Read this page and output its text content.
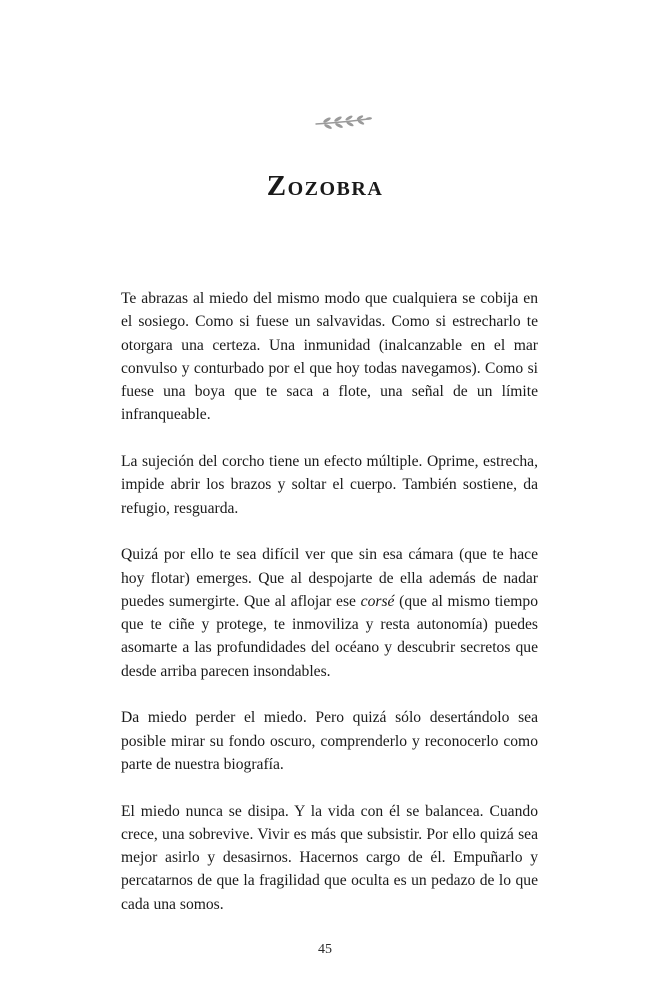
Zozobra

Te abrazas al miedo del mismo modo que cualquiera se cobija en el sosiego. Como si fuese un salvavidas. Como si estrecharlo te otorgara una certeza. Una inmunidad (inalcanzable en el mar convulso y conturbado por el que hoy todas navegamos). Como si fuese una boya que te saca a flote, una señal de un límite infranqueable.

La sujeción del corcho tiene un efecto múltiple. Oprime, estrecha, impide abrir los brazos y soltar el cuerpo. También sostiene, da refugio, resguarda.

Quizá por ello te sea difícil ver que sin esa cámara (que te hace hoy flotar) emerges. Que al despojarte de ella además de nadar puedes sumergirte. Que al aflojar ese corsé (que al mismo tiempo que te ciñe y protege, te inmoviliza y resta autonomía) puedes asomarte a las profundidades del océano y descubrir secretos que desde arriba parecen insondables.

Da miedo perder el miedo. Pero quizá sólo desertándolo sea posible mirar su fondo oscuro, comprenderlo y reconocerlo como parte de nuestra biografía.

El miedo nunca se disipa. Y la vida con él se balancea. Cuando crece, una sobrevive. Vivir es más que subsistir. Por ello quizá sea mejor asirlo y desasirnos. Hacernos cargo de él. Empuñarlo y percatarnos de que la fragilidad que oculta es un pedazo de lo que cada una somos.

45
